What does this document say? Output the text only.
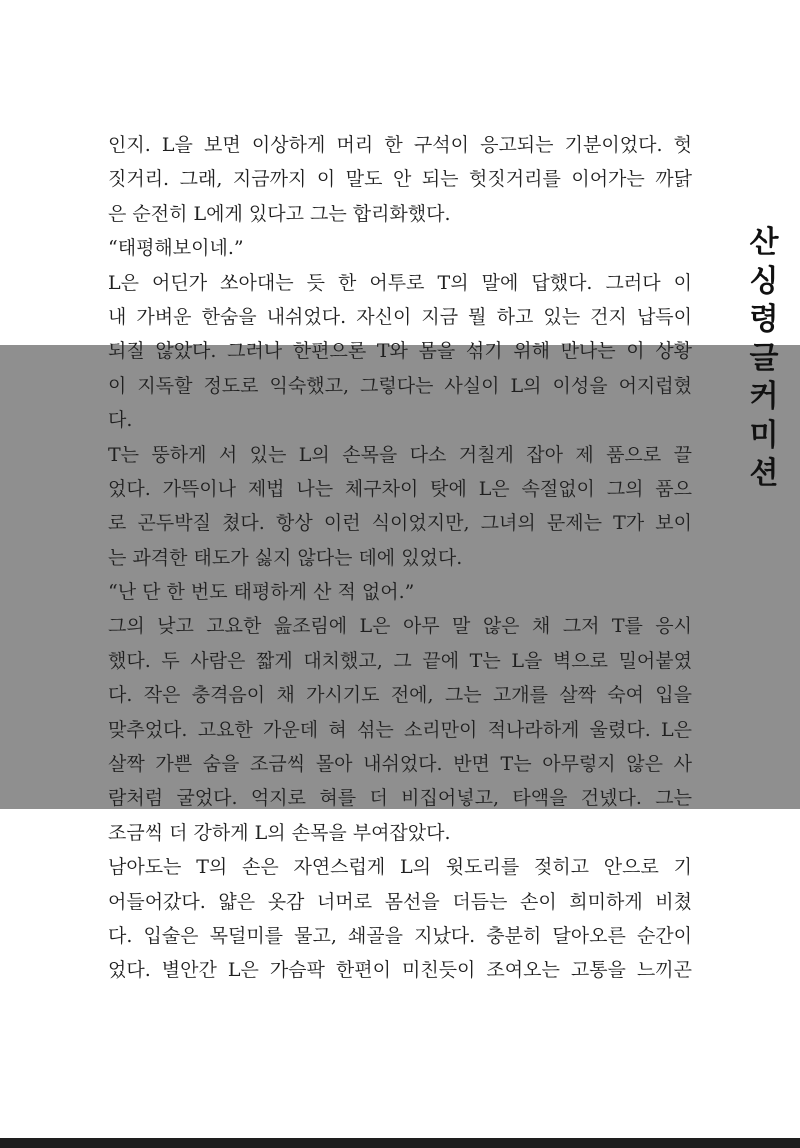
인지. L을 보면 이상하게 머리 한 구석이 응고되는 기분이었다. 헛
짓거리. 그래, 지금까지 이 말도 안 되는 헛짓거리를 이어가는 까닭
은 순전히 L에게 있다고 그는 합리화했다.
“태평해보이네.”
L은 어딘가 쏘아대는 듯 한 어투로 T의 말에 답했다. 그러다 이
내 가벼운 한숨을 내쉬었다. 자신이 지금 뭘 하고 있는 건지 납득이
되질 않았다. 그러나 한편으론 T와 몸을 섞기 위해 만나는 이 상황
이 지독할 정도로 익숙했고, 그렇다는 사실이 L의 이성을 어지럽혔
다.
T는 뚱하게 서 있는 L의 손목을 다소 거칠게 잡아 제 품으로 끌
었다. 가뜩이나 제법 나는 체구차이 탓에 L은 속절없이 그의 품으
로 곤두박질 쳤다. 항상 이런 식이었지만, 그녀의 문제는 T가 보이
는 과격한 태도가 싫지 않다는 데에 있었다.
“난 단 한 번도 태평하게 산 적 없어.”
그의 낮고 고요한 읊조림에 L은 아무 말 않은 채 그저 T를 응시
했다. 두 사람은 짧게 대치했고, 그 끝에 T는 L을 벽으로 밀어붙였
다. 작은 충격음이 채 가시기도 전에, 그는 고개를 살짝 숙여 입을
맞추었다. 고요한 가운데 혀 섞는 소리만이 적나라하게 울렸다. L은
살짝 가쁜 숨을 조금씩 몰아 내쉬었다. 반면 T는 아무렇지 않은 사
람처럼 굴었다. 억지로 혀를 더 비집어넣고, 타액을 건넸다. 그는
조금씩 더 강하게 L의 손목을 부여잡았다.
남아도는 T의 손은 자연스럽게 L의 윗도리를 젖히고 안으로 기
어들어갔다. 얇은 옷감 너머로 몸선을 더듬는 손이 희미하게 비쳤
다. 입술은 목덜미를 물고, 쇄골을 지났다. 충분히 달아오른 순간이
었다. 별안간 L은 가슴팍 한편이 미친듯이 조여오는 고통을 느끼곤
산
싱
령
글
커
미
션
